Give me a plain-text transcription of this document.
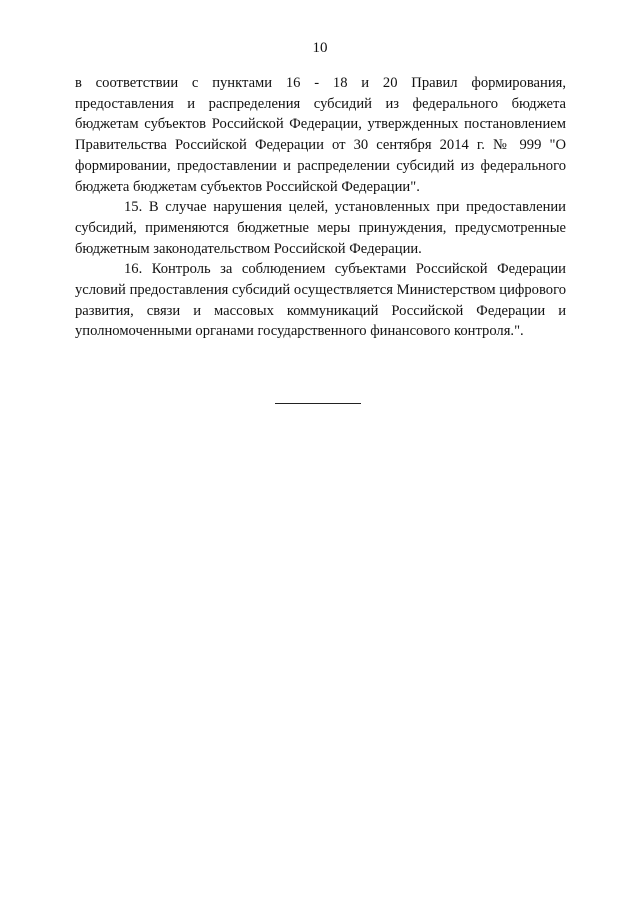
10

в соответствии с пунктами 16 - 18 и 20 Правил формирования, предоставления и распределения субсидий из федерального бюджета бюджетам субъектов Российской Федерации, утвержденных постановлением Правительства Российской Федерации от 30 сентября 2014 г. № 999 "О формировании, предоставлении и распределении субсидий из федерального бюджета бюджетам субъектов Российской Федерации".

15. В случае нарушения целей, установленных при предоставлении субсидий, применяются бюджетные меры принуждения, предусмотренные бюджетным законодательством Российской Федерации.

16. Контроль за соблюдением субъектами Российской Федерации условий предоставления субсидий осуществляется Министерством цифрового развития, связи и массовых коммуникаций Российской Федерации и уполномоченными органами государственного финансового контроля.".
